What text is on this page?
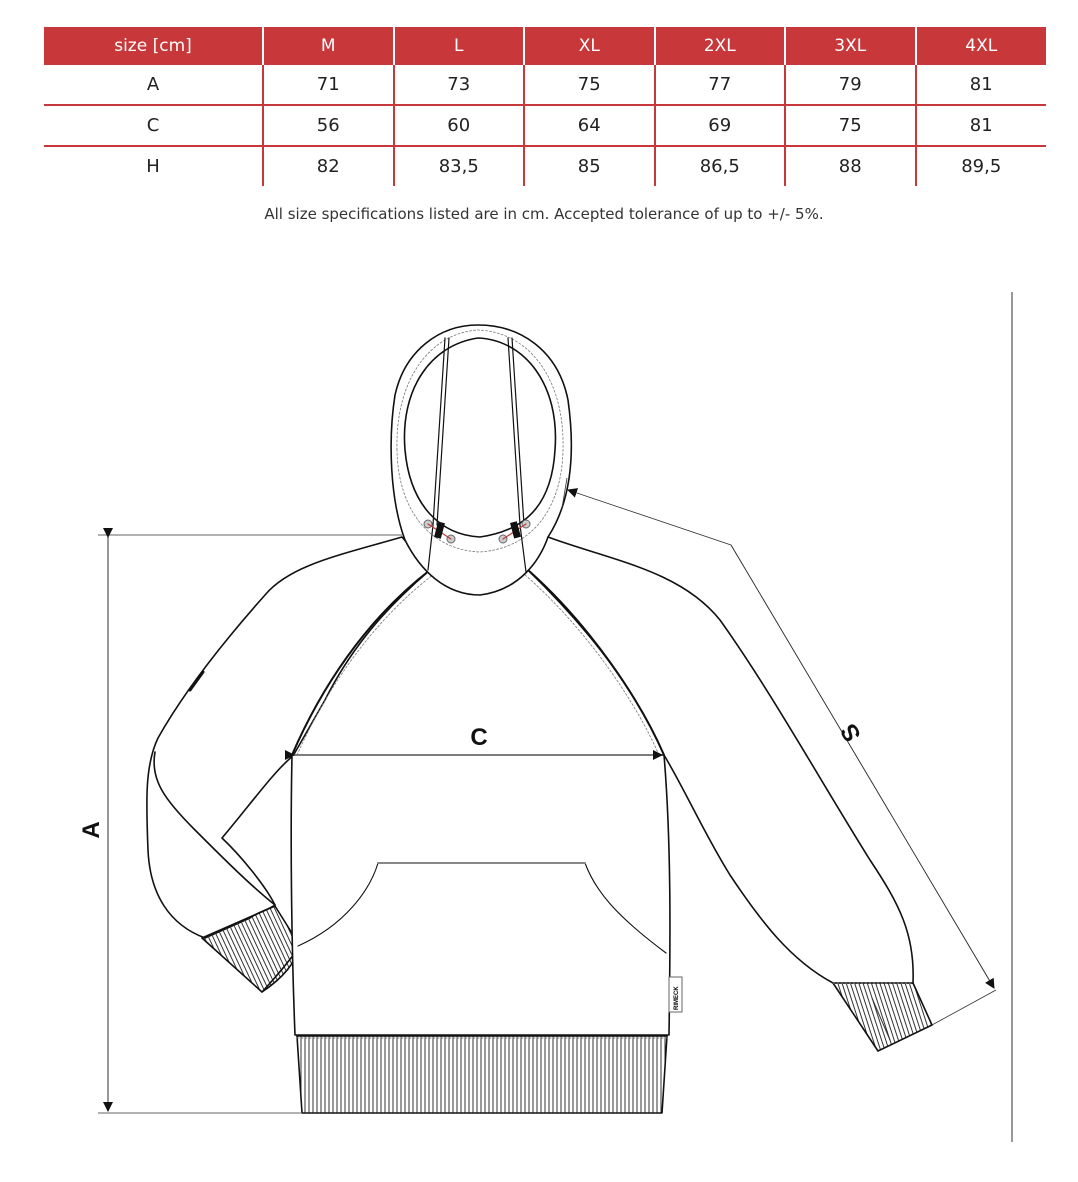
size [cm]	M	L	XL	2XL	3XL	4XL
A	71	73	75	77	79	81
C	56	60	64	69	75	81
H	82	83,5	85	86,5	88	89,5
All size specifications listed are in cm. Accepted tolerance of up to +/- 5%.
RIMECK
A
C	S
